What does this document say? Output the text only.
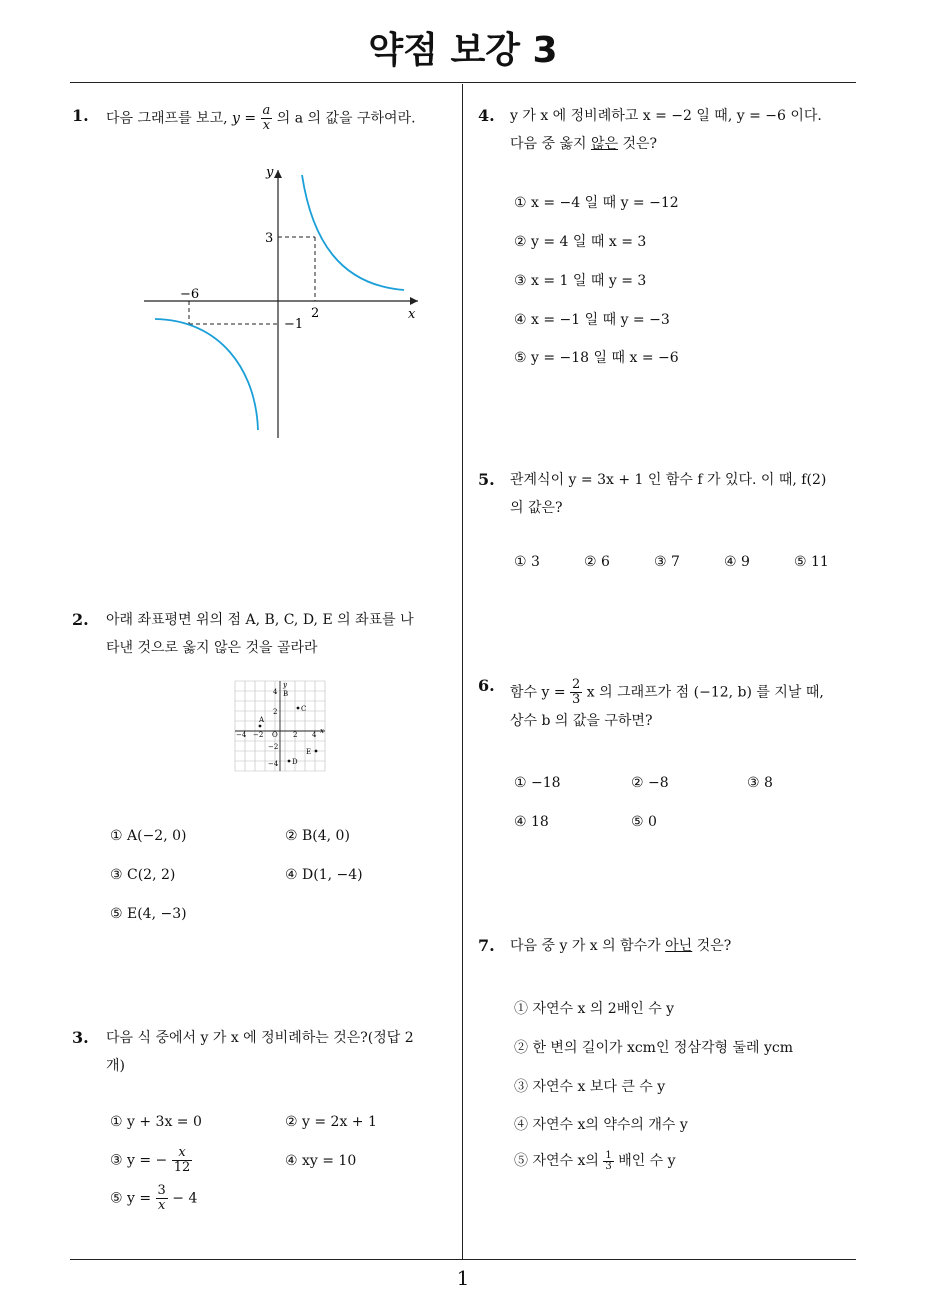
약점 보강 3
1
1. 다음 그래프를 보고, $y = \frac{a}{x}$ 의 a 의 값을 구하여라.
y
x
3
−6
2
−1
2. 아래 좌표평면 위의 점 A, B, C, D, E 의 좌표를 나
타낸 것으로 옳지 않은 것을 골라라
−4 −2 O 2 4 x
y
4
2
−2
−4
B
A
C
D
E
① A(−2, 0)	② B(4, 0)
③ C(2, 2)	④ D(1, −4)
⑤ E(4, −3)
3. 다음 식 중에서 y 가 x 에 정비례하는 것은?(정답 2
개)
① y + 3x = 0	② y = 2x + 1
③ y = − $\frac{x}{12}$	④ xy = 10
⑤ $y = \frac{3}{x} - 4$
4. y 가 x 에 정비례하고 x = −2 일 때, y = −6 이다.
다음 중 옳지 않은 것은?
① x = −4 일 때 y = −12
② y = 4 일 때 x = 3
③ x = 1 일 때 y = 3
④ x = −1 일 때 y = −3
⑤ y = −18 일 때 x = −6
5. 관계식이 y = 3x + 1 인 함수 f 가 있다. 이 때, f(2)
의 값은?
① 3	② 6	③ 7	④ 9	⑤ 11
6. 함수 $y = \frac{2}{3}$ x 의 그래프가 점 (−12, b) 를 지날 때,
상수 b 의 값을 구하면?
① −18	② −8	③ 8
④ 18	⑤ 0
7. 다음 중 y 가 x 의 함수가 아닌 것은?
① 자연수 x 의 2배인 수 y
② 한 변의 길이가 xcm인 정삼각형 둘레 ycm
③ 자연수 x 보다 큰 수 y
④ 자연수 x의 약수의 개수 y
⑤ 자연수 x의 $\frac{1}{3}$ 배인 수 y
